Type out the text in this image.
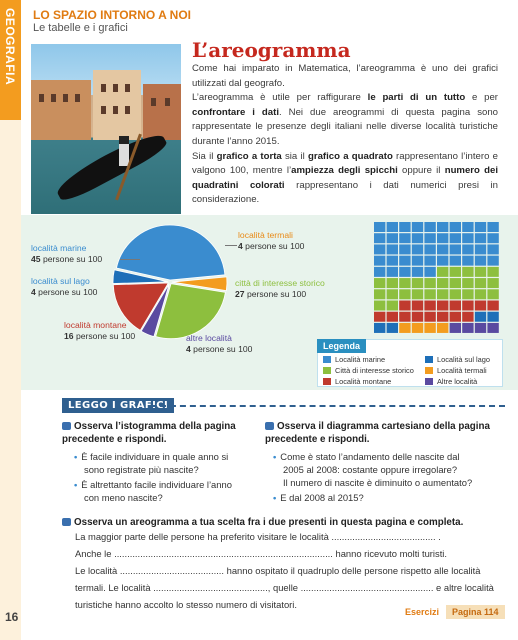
GEOGRAFIA
16
LO SPAZIO INTORNO A NOI
Le tabelle e i grafici
L’areogramma

Come hai imparato in Matematica, l’areogramma è uno dei grafici utilizzati dal geografo.

L’areogramma è utile per raffigurare le parti di un tutto e per confrontare i dati. Nei due areogrammi di questa pagina sono rappresentate le presenze degli italiani nelle diverse località turistiche durante l’anno 2015.

Sia il grafico a torta sia il grafico a quadrato rappresentano l’intero e valgono 100, mentre l’ampiezza degli spicchi oppure il numero dei quadratini colorati rappresentano i dati numerici presi in considerazione.

località marine
45 persone su 100
località sul lago
4 persone su 100
località montane
16 persone su 100
località termali
4 persone su 100
città di interesse storico
27 persone su 100
altre località
4 persone su 100	Legenda
Località marine
Città di interesse storico
Località montane
Località sul lago
Località termali
Altre località
LEGGO I GRAFICI
Osserva l’istogramma della pagina
precedente e rispondi.
• È facile individuare in quale anno si
sono registrate più nascite?
• È altrettanto facile individuare l’anno
con meno nascite?
Osserva il diagramma cartesiano della pagina
precedente e rispondi.
• Come è stato l’andamento delle nascite dal
2005 al 2008: costante oppure irregolare?
Il numero di nascite è diminuito o aumentato?
• E dal 2008 al 2015?
Osserva un areogramma a tua scelta fra i due presenti in questa pagina e completa.
La maggior parte delle persone ha preferito visitare le località ........................................ .
Anche le .................................................................................... hanno ricevuto molti turisti.
Le località ........................................ hanno ospitato il quadruplo delle persone rispetto alle località
termali. Le località ............................................, quelle ................................................... e altre località
turistiche hanno accolto lo stesso numero di visitatori.
Esercizi	Pagina 114
